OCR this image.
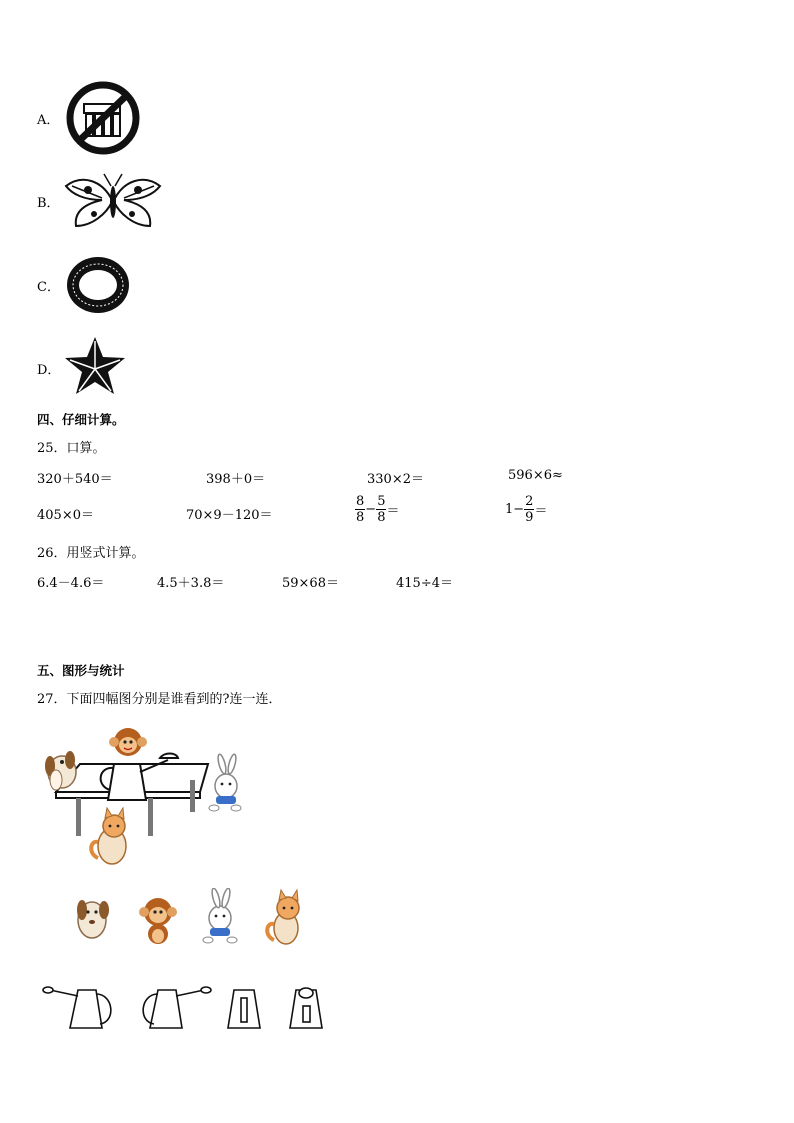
A．
B．
C．
D．
四、仔细计算。
25．口算。
320＋540＝	398＋0＝	330×2＝	596×6≈
405×0＝	70×9－120＝	$\frac{8}{8} - \frac{5}{8}$ ＝	$1- \frac{2}{9}$ ＝
26．用竖式计算。
6.4－4.6＝	4.5＋3.8＝	59×68＝	415÷4＝
五、图形与统计
27．下面四幅图分别是谁看到的?连一连．
